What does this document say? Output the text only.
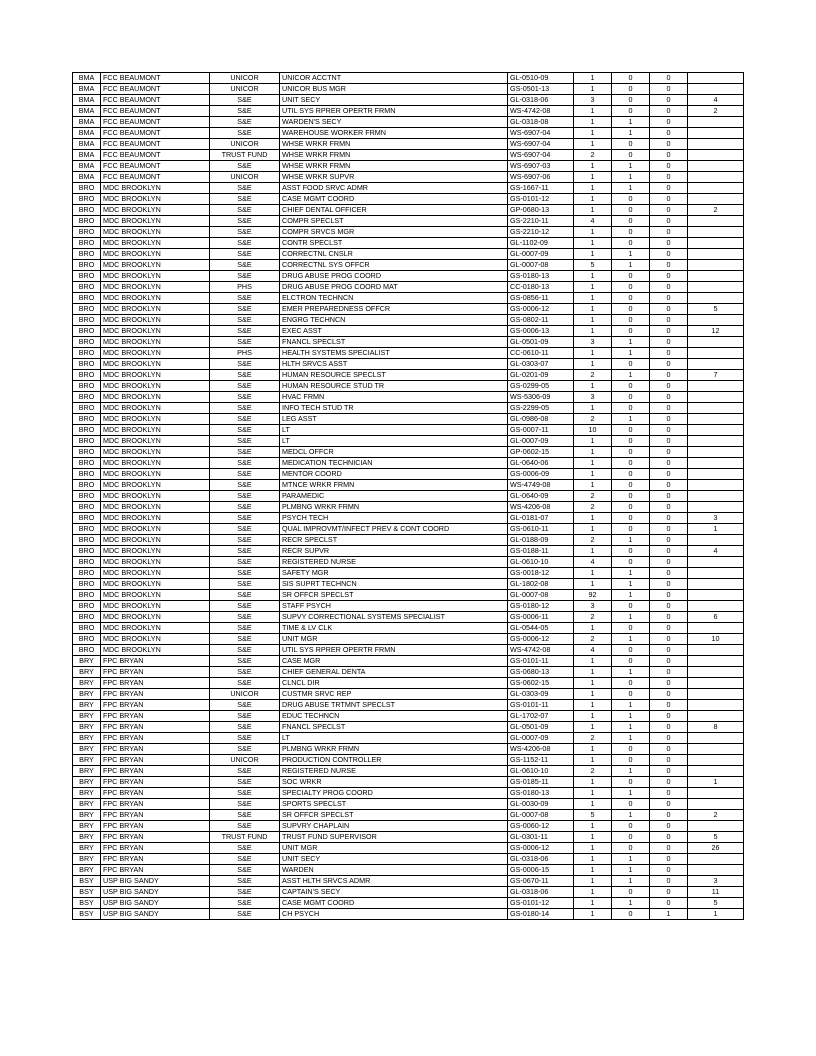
BMA	FCC BEAUMONT	UNICOR	UNICOR ACCTNT	GL-0510-09	1	0	0	
BMA	FCC BEAUMONT	UNICOR	UNICOR BUS MGR	GS-0501-13	1	0	0	
BMA	FCC BEAUMONT	S&E	UNIT SECY	GL-0318-06	3	0	0	4
BMA	FCC BEAUMONT	S&E	UTIL SYS RPRER OPERTR FRMN	WS-4742-08	1	0	0	2
BMA	FCC BEAUMONT	S&E	WARDEN'S SECY	GL-0318-08	1	1	0	
BMA	FCC BEAUMONT	S&E	WAREHOUSE WORKER FRMN	WS-6907-04	1	1	0	
BMA	FCC BEAUMONT	UNICOR	WHSE WRKR FRMN	WS-6907-04	1	0	0	
BMA	FCC BEAUMONT	TRUST FUND	WHSE WRKR FRMN	WS-6907-04	2	0	0	
BMA	FCC BEAUMONT	S&E	WHSE WRKR FRMN	WS-6907-03	1	1	0	
BMA	FCC BEAUMONT	UNICOR	WHSE WRKR SUPVR	WS-6907-06	1	1	0	
BRO	MDC BROOKLYN	S&E	ASST FOOD SRVC ADMR	GS-1667-11	1	1	0	
BRO	MDC BROOKLYN	S&E	CASE MGMT COORD	GS-0101-12	1	0	0	
BRO	MDC BROOKLYN	S&E	CHIEF DENTAL OFFICER	GP-0680-13	1	0	0	2
BRO	MDC BROOKLYN	S&E	COMPR SPECLST	GS-2210-11	4	0	0	
BRO	MDC BROOKLYN	S&E	COMPR SRVCS MGR	GS-2210-12	1	0	0	
BRO	MDC BROOKLYN	S&E	CONTR SPECLST	GL-1102-09	1	0	0	
BRO	MDC BROOKLYN	S&E	CORRECTNL CNSLR	GL-0007-09	1	1	0	
BRO	MDC BROOKLYN	S&E	CORRECTNL SYS OFFCR	GL-0007-08	5	1	0	
BRO	MDC BROOKLYN	S&E	DRUG ABUSE PROG COORD	GS-0180-13	1	0	0	
BRO	MDC BROOKLYN	PHS	DRUG ABUSE PROG COORD MAT	CC-0180-13	1	0	0	
BRO	MDC BROOKLYN	S&E	ELCTRON TECHNCN	GS-0856-11	1	0	0	
BRO	MDC BROOKLYN	S&E	EMER PREPAREDNESS OFFCR	GS-0006-12	1	0	0	5
BRO	MDC BROOKLYN	S&E	ENGRG TECHNCN	GS-0802-11	1	0	0	
BRO	MDC BROOKLYN	S&E	EXEC ASST	GS-0006-13	1	0	0	12
BRO	MDC BROOKLYN	S&E	FNANCL SPECLST	GL-0501-09	3	1	0	
BRO	MDC BROOKLYN	PHS	HEALTH SYSTEMS SPECIALIST	CC-0610-11	1	1	0	
BRO	MDC BROOKLYN	S&E	HLTH SRVCS ASST	GL-0303-07	1	0	0	
BRO	MDC BROOKLYN	S&E	HUMAN RESOURCE SPECLST	GL-0201-09	2	1	0	7
BRO	MDC BROOKLYN	S&E	HUMAN RESOURCE STUD TR	GS-0299-05	1	0	0	
BRO	MDC BROOKLYN	S&E	HVAC FRMN	WS-5306-09	3	0	0	
BRO	MDC BROOKLYN	S&E	INFO TECH STUD TR	GS-2299-05	1	0	0	
BRO	MDC BROOKLYN	S&E	LEG ASST	GL-0986-08	2	1	0	
BRO	MDC BROOKLYN	S&E	LT	GS-0007-11	10	0	0	
BRO	MDC BROOKLYN	S&E	LT	GL-0007-09	1	0	0	
BRO	MDC BROOKLYN	S&E	MEDCL OFFCR	GP-0602-15	1	0	0	
BRO	MDC BROOKLYN	S&E	MEDICATION TECHNICIAN	GL-0640-06	1	0	0	
BRO	MDC BROOKLYN	S&E	MENTOR COORD	GS-0006-09	1	0	0	
BRO	MDC BROOKLYN	S&E	MTNCE WRKR FRMN	WS-4749-08	1	0	0	
BRO	MDC BROOKLYN	S&E	PARAMEDIC	GL-0640-09	2	0	0	
BRO	MDC BROOKLYN	S&E	PLMBNG WRKR FRMN	WS-4206-08	2	0	0	
BRO	MDC BROOKLYN	S&E	PSYCH TECH	GL-0181-07	1	0	0	3
BRO	MDC BROOKLYN	S&E	QUAL IMPROVMT/INFECT PREV & CONT COORD	GS-0610-11	1	0	0	1
BRO	MDC BROOKLYN	S&E	RECR SPECLST	GL-0188-09	2	1	0	
BRO	MDC BROOKLYN	S&E	RECR SUPVR	GS-0188-11	1	0	0	4
BRO	MDC BROOKLYN	S&E	REGISTERED NURSE	GL-0610-10	4	0	0	
BRO	MDC BROOKLYN	S&E	SAFETY MGR	GS-0018-12	1	1	0	
BRO	MDC BROOKLYN	S&E	SIS SUPRT TECHNCN	GL-1802-08	1	1	0	
BRO	MDC BROOKLYN	S&E	SR OFFCR SPECLST	GL-0007-08	92	1	0	
BRO	MDC BROOKLYN	S&E	STAFF PSYCH	GS-0180-12	3	0	0	
BRO	MDC BROOKLYN	S&E	SUPVY CORRECTIONAL SYSTEMS SPECIALIST	GS-0006-11	2	1	0	6
BRO	MDC BROOKLYN	S&E	TIME & LV CLK	GL-0544-05	1	0	0	
BRO	MDC BROOKLYN	S&E	UNIT MGR	GS-0006-12	2	1	0	10
BRO	MDC BROOKLYN	S&E	UTIL SYS RPRER OPERTR FRMN	WS-4742-08	4	0	0	
BRY	FPC BRYAN	S&E	CASE MGR	GS-0101-11	1	0	0	
BRY	FPC BRYAN	S&E	CHIEF GENERAL DENTA	GS-0680-13	1	1	0	
BRY	FPC BRYAN	S&E	CLNCL DIR	GS-0602-15	1	0	0	
BRY	FPC BRYAN	UNICOR	CUSTMR SRVC REP	GL-0303-09	1	0	0	
BRY	FPC BRYAN	S&E	DRUG ABUSE TRTMNT SPECLST	GS-0101-11	1	1	0	
BRY	FPC BRYAN	S&E	EDUC TECHNCN	GL-1702-07	1	1	0	
BRY	FPC BRYAN	S&E	FNANCL SPECLST	GL-0501-09	1	1	0	8
BRY	FPC BRYAN	S&E	LT	GL-0007-09	2	1	0	
BRY	FPC BRYAN	S&E	PLMBNG WRKR FRMN	WS-4206-08	1	0	0	
BRY	FPC BRYAN	UNICOR	PRODUCTION CONTROLLER	GS-1152-11	1	0	0	
BRY	FPC BRYAN	S&E	REGISTERED NURSE	GL-0610-10	2	1	0	
BRY	FPC BRYAN	S&E	SOC WRKR	GS-0185-11	1	0	0	1
BRY	FPC BRYAN	S&E	SPECIALTY PROG COORD	GS-0180-13	1	1	0	
BRY	FPC BRYAN	S&E	SPORTS SPECLST	GL-0030-09	1	0	0	
BRY	FPC BRYAN	S&E	SR OFFCR SPECLST	GL-0007-08	5	1	0	2
BRY	FPC BRYAN	S&E	SUPVRY CHAPLAIN	GS-0060-12	1	0	0	
BRY	FPC BRYAN	TRUST FUND	TRUST FUND SUPERVISOR	GL-0301-11	1	0	0	5
BRY	FPC BRYAN	S&E	UNIT MGR	GS-0006-12	1	0	0	26
BRY	FPC BRYAN	S&E	UNIT SECY	GL-0318-06	1	1	0	
BRY	FPC BRYAN	S&E	WARDEN	GS-0006-15	1	1	0	
BSY	USP BIG SANDY	S&E	ASST HLTH SRVCS ADMR	GS-0670-11	1	1	0	3
BSY	USP BIG SANDY	S&E	CAPTAIN'S SECY	GL-0318-06	1	0	0	11
BSY	USP BIG SANDY	S&E	CASE MGMT COORD	GS-0101-12	1	1	0	5
BSY	USP BIG SANDY	S&E	CH PSYCH	GS-0180-14	1	0	1	1
